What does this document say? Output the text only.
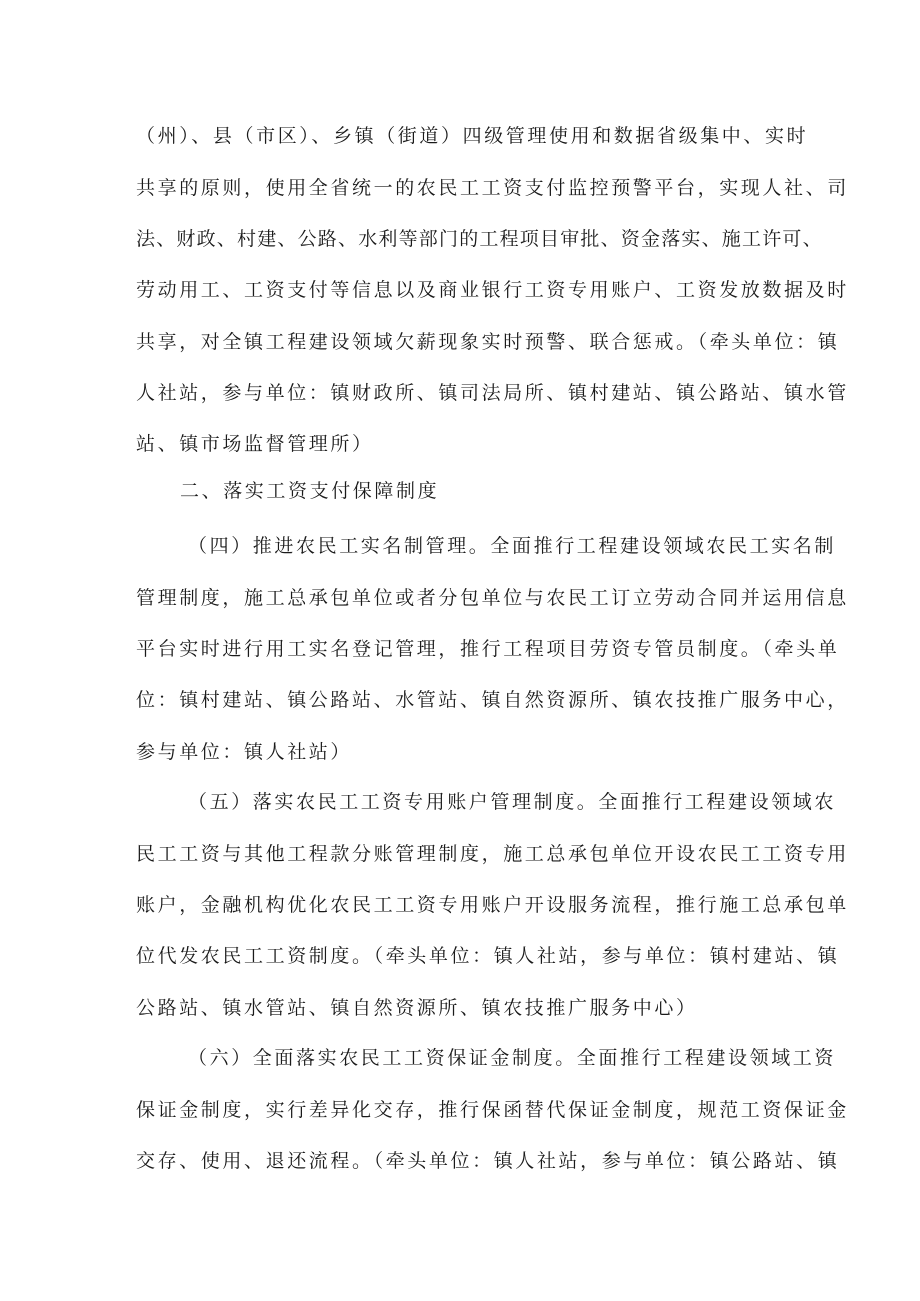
（州）、县（市区）、乡镇（街道）四级管理使用和数据省级集中、实时

共享的原则，使用全省统一的农民工工资支付监控预警平台，实现人社、司

法、财政、村建、公路、水利等部门的工程项目审批、资金落实、施工许可、

劳动用工、工资支付等信息以及商业银行工资专用账户、工资发放数据及时

共享，对全镇工程建设领域欠薪现象实时预警、联合惩戒。（牵头单位：镇

人社站，参与单位：镇财政所、镇司法局所、镇村建站、镇公路站、镇水管

站、镇市场监督管理所）

二、落实工资支付保障制度

（四）推进农民工实名制管理。全面推行工程建设领域农民工实名制

管理制度，施工总承包单位或者分包单位与农民工订立劳动合同并运用信息

平台实时进行用工实名登记管理，推行工程项目劳资专管员制度。（牵头单

位：镇村建站、镇公路站、水管站、镇自然资源所、镇农技推广服务中心，

参与单位：镇人社站）

（五）落实农民工工资专用账户管理制度。全面推行工程建设领域农

民工工资与其他工程款分账管理制度，施工总承包单位开设农民工工资专用

账户，金融机构优化农民工工资专用账户开设服务流程，推行施工总承包单

位代发农民工工资制度。（牵头单位：镇人社站，参与单位：镇村建站、镇

公路站、镇水管站、镇自然资源所、镇农技推广服务中心）

（六）全面落实农民工工资保证金制度。全面推行工程建设领域工资

保证金制度，实行差异化交存，推行保函替代保证金制度，规范工资保证金

交存、使用、退还流程。（牵头单位：镇人社站，参与单位：镇公路站、镇
